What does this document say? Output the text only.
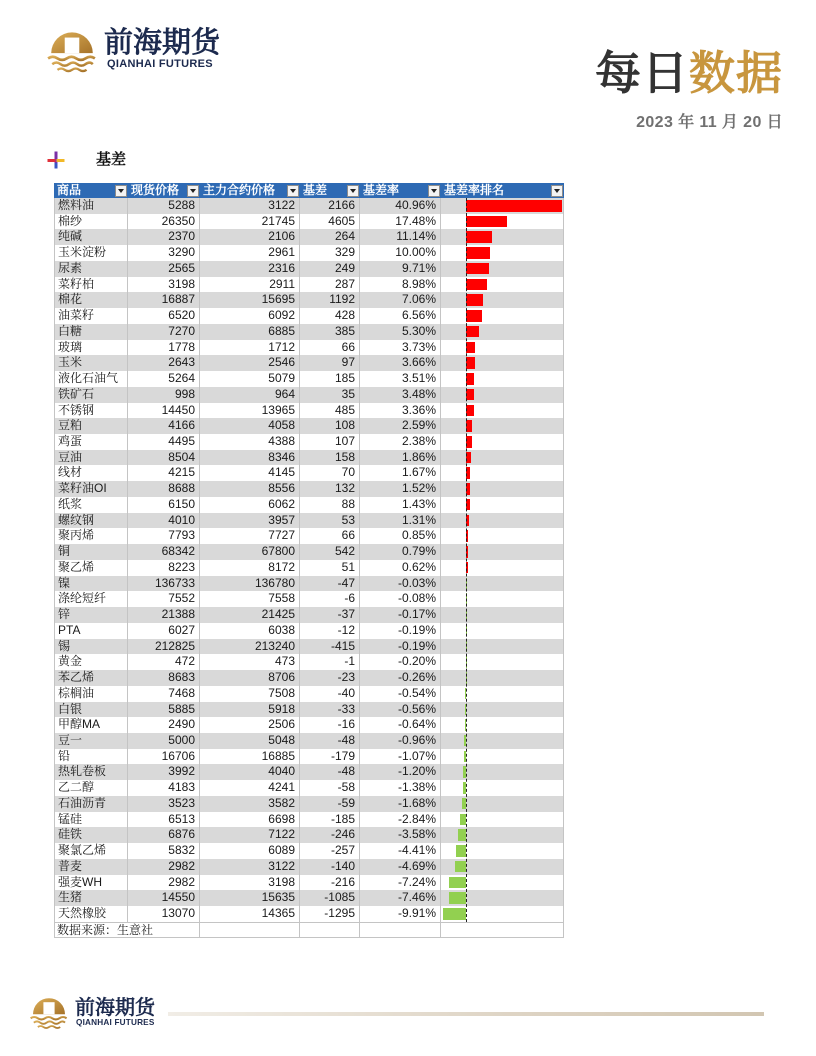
前海期货
QIANHAI FUTURES	每日数据
2023 年 11 月 20 日
基差
商品	现货价格	主力合约价格	基差	基差率	基差率排名
燃料油	5288	3122	2166	40.96%
棉纱	26350	21745	4605	17.48%
纯碱	2370	2106	264	11.14%
玉米淀粉	3290	2961	329	10.00%
尿素	2565	2316	249	9.71%
菜籽柏	3198	2911	287	8.98%
棉花	16887	15695	1192	7.06%
油菜籽	6520	6092	428	6.56%
白糖	7270	6885	385	5.30%
玻璃	1778	1712	66	3.73%
玉米	2643	2546	97	3.66%
液化石油气	5264	5079	185	3.51%
铁矿石	998	964	35	3.48%
不锈钢	14450	13965	485	3.36%
豆粕	4166	4058	108	2.59%
鸡蛋	4495	4388	107	2.38%
豆油	8504	8346	158	1.86%
线材	4215	4145	70	1.67%
菜籽油OI	8688	8556	132	1.52%
纸浆	6150	6062	88	1.43%
螺纹钢	4010	3957	53	1.31%
聚丙烯	7793	7727	66	0.85%
铜	68342	67800	542	0.79%
聚乙烯	8223	8172	51	0.62%
镍	136733	136780	-47	-0.03%
涤纶短纤	7552	7558	-6	-0.08%
锌	21388	21425	-37	-0.17%
PTA	6027	6038	-12	-0.19%
锡	212825	213240	-415	-0.19%
黄金	472	473	-1	-0.20%
苯乙烯	8683	8706	-23	-0.26%
棕榈油	7468	7508	-40	-0.54%
白银	5885	5918	-33	-0.56%
甲醇MA	2490	2506	-16	-0.64%
豆一	5000	5048	-48	-0.96%
铅	16706	16885	-179	-1.07%
热轧卷板	3992	4040	-48	-1.20%
乙二醇	4183	4241	-58	-1.38%
石油沥青	3523	3582	-59	-1.68%
锰硅	6513	6698	-185	-2.84%
硅铁	6876	7122	-246	-3.58%
聚氯乙烯	5832	6089	-257	-4.41%
普麦	2982	3122	-140	-4.69%
强麦WH	2982	3198	-216	-7.24%
生猪	14550	15635	-1085	-7.46%
天然橡胶	13070	14365	-1295	-9.91%
数据来源：生意社
前海期货
QIANHAI FUTURES
